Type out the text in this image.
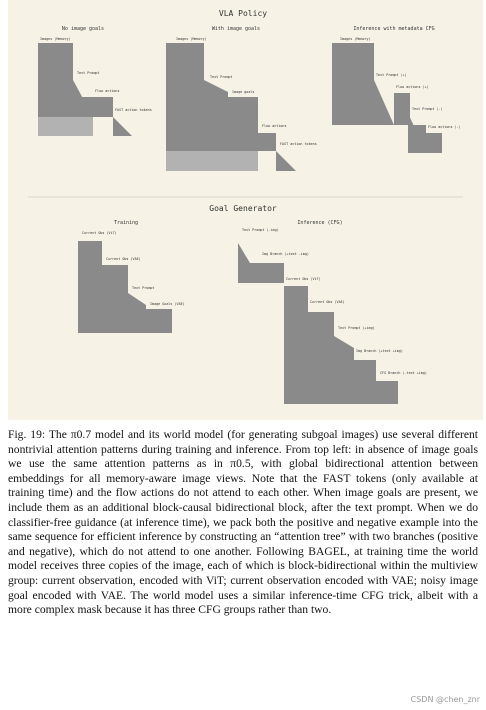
VLA Policy
Goal Generator
No image goals
Images (Memory)
Text Prompt
Flow actions
FAST action tokens
With image goals
Images (Memory)
Text Prompt
Image goals
Flow actions
FAST action tokens
Inference with metadata CFG
Images (Memory)
Text Prompt (+)
Flow actions (+)
Text Prompt (-)
Flow actions (-)
Training
Current Obs (ViT)
Current Obs (VAE)
Text Prompt
Image Goals (VAE)
Inference (CFG)
Text Prompt (-img)
Img Branch (+text -img)
Current Obs (ViT)
Current Obs (VAE)
Text Prompt (+img)
Img Branch (+text +img)
CFG Branch (-text +img)

Fig. 19: The π0.7 model and its world model (for generating subgoal images) use several different nontrivial attention patterns during training and inference. From top left: in absence of image goals we use the same attention patterns as in π0.5, with global bidirectional attention between embeddings for all memory-aware image views. Note that the FAST tokens (only available at training time) and the flow actions do not attend to each other. When image goals are present, we include them as an additional block-causal bidirectional block, after the text prompt. When we do classifier-free guidance (at inference time), we pack both the positive and negative example into the same sequence for efficient inference by constructing an “attention tree” with two branches (positive and negative), which do not attend to one another. Following BAGEL, at training time the world model receives three copies of the image, each of which is block-bidirectional within the multiview group: current observation, encoded with ViT; current observation encoded with VAE; noisy image goal encoded with VAE. The world model uses a similar inference-time CFG trick, albeit with a more complex mask because it has three CFG groups rather than two.

CSDN @chen_znr
